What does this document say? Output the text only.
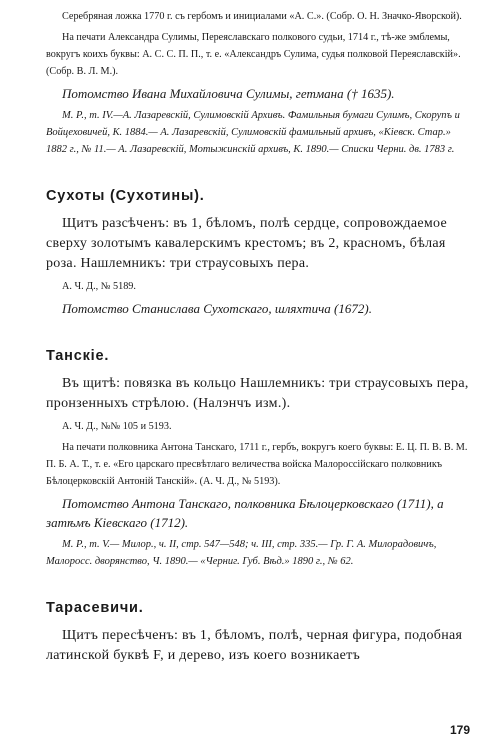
Серебряная ложка 1770 г. съ гербомъ и инициалами «А. С.». (Собр. О. Н. Значко-Яворской).

На печати Александра Сулимы, Переяславскаго полкового судьи, 1714 г., тѣ-же эмблемы, вокругъ коихъ буквы: А. С. С. П. П., т. е. «Александръ Сулима, судья полковой Переяславскій». (Собр. В. Л. М.).

Потомство Ивана Михайловича Сулимы, гетмана († 1635).

М. Р., т. IV.—А. Лазаревскій, Сулимовскій Архивъ. Фамильныя бумаги Сулимъ, Скорупъ и Войцеховичей, К. 1884.— А. Лазаревскій, Сулимовскій фамильный архивъ, «Кіевск. Стар.» 1882 г., № 11.— А. Лазаревскій, Мотыжинскій архивъ, К. 1890.— Списки Черни. дв. 1783 г.

Сухоты (Сухотины).

Щитъ разсѣченъ: въ 1, бѣломъ, полѣ сердце, сопровождаемое сверху золотымъ кавалерскимъ крестомъ; въ 2, красномъ, бѣлая роза. Нашлемникъ: три страусовыхъ пера.

А. Ч. Д., № 5189.

Потомство Станислава Сухотскаго, шляхтича (1672).

Танскіе.

Въ щитѣ: повязка въ кольцо Нашлемникъ: три страусовыхъ пера, пронзенныхъ стрѣлою. (Налэнчъ изм.).

А. Ч. Д., №№ 105 и 5193.

На печати полковника Антона Танскаго, 1711 г., гербъ, вокругъ коего буквы: Е. Ц. П. В. В. М. П. Б. А. Т., т. е. «Его царскаго пресвѣтлаго величества войска Малороссійскаго полковникъ Бѣлоцерковскій Антоній Танскій». (А. Ч. Д., № 5193).

Потомство Антона Танскаго, полковника Бѣлоцерковскаго (1711), а затѣмъ Кіевскаго (1712).

М. Р., т. V.— Милор., ч. II, стр. 547—548; ч. III, стр. 335.— Гр. Г. А. Милорадовичъ, Малоросс. дворянство, Ч. 1890.— «Черниг. Губ. Вѣд.» 1890 г., № 62.

Тарасевичи.

Щитъ пересѣченъ: въ 1, бѣломъ, полѣ, черная фигура, подобная латинской буквѣ F, и дерево, изъ коего возникаетъ

179
